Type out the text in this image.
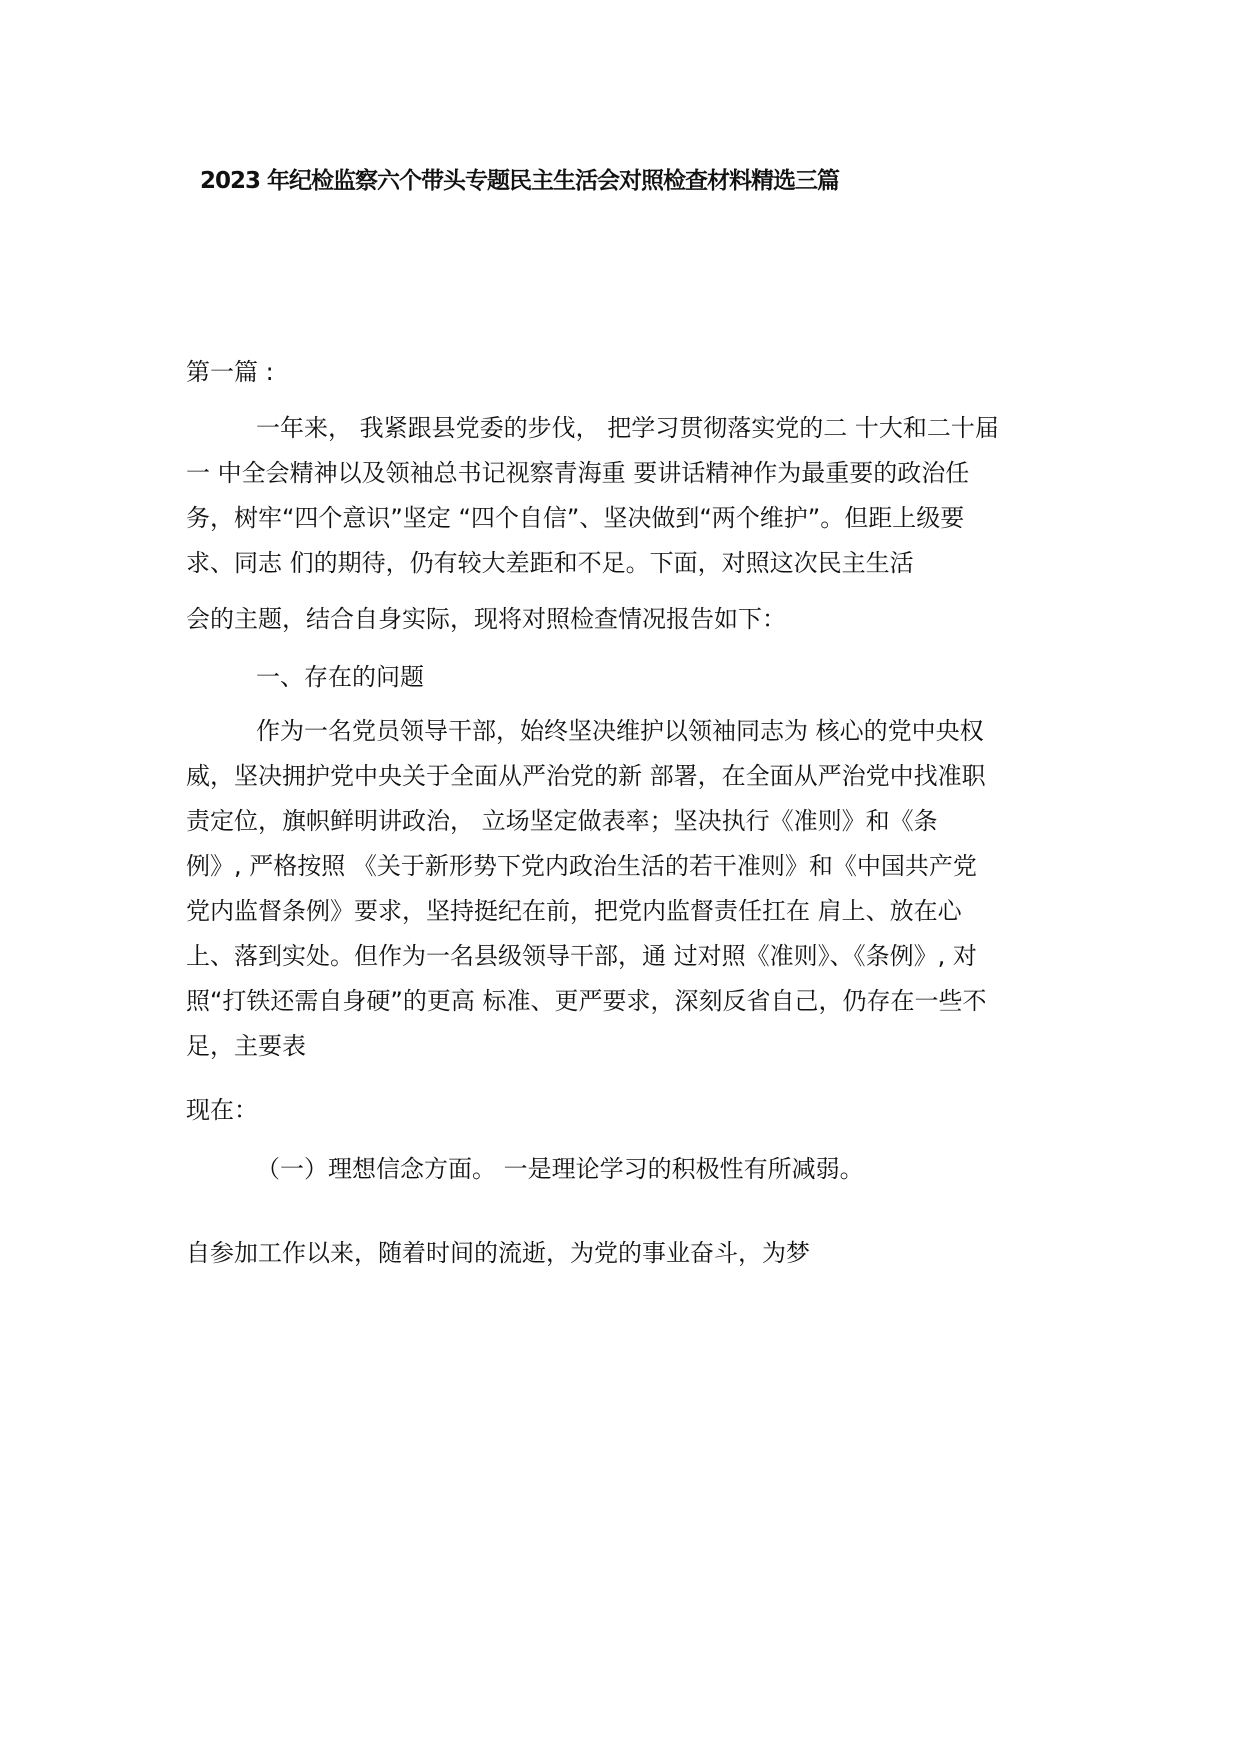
2023 年纪检监察六个带头专题民主生活会对照检查材料精选三篇

第一篇 :

一年来， 我紧跟县党委的步伐， 把学习贯彻落实党的二 十大和二十届

一 中全会精神以及领袖总书记视察青海重 要讲话精神作为最重要的政治任

务，树牢“四个意识”坚定 “四个自信”、坚决做到“两个维护”。但距上级要

求、同志 们的期待，仍有较大差距和不足。下面，对照这次民主生活

会的主题，结合自身实际，现将对照检查情况报告如下：

一、存在的问题

作为一名党员领导干部，始终坚决维护以领袖同志为 核心的党中央权

威，坚决拥护党中央关于全面从严治党的新 部署，在全面从严治党中找准职

责定位，旗帜鲜明讲政治， 立场坚定做表率；坚决执行《准则》和《条

例》, 严格按照 《关于新形势下党内政治生活的若干准则》和《中国共产党

党内监督条例》要求，坚持挺纪在前，把党内监督责任扛在 肩上、放在心

上、落到实处。但作为一名县级领导干部，通 过对照《准则》、《条例》, 对

照“打铁还需自身硬”的更高 标准、更严要求，深刻反省自己，仍存在一些不

足，主要表

现在：

（一）理想信念方面。 一是理论学习的积极性有所减弱。

自参加工作以来，随着时间的流逝，为党的事业奋斗，为梦
